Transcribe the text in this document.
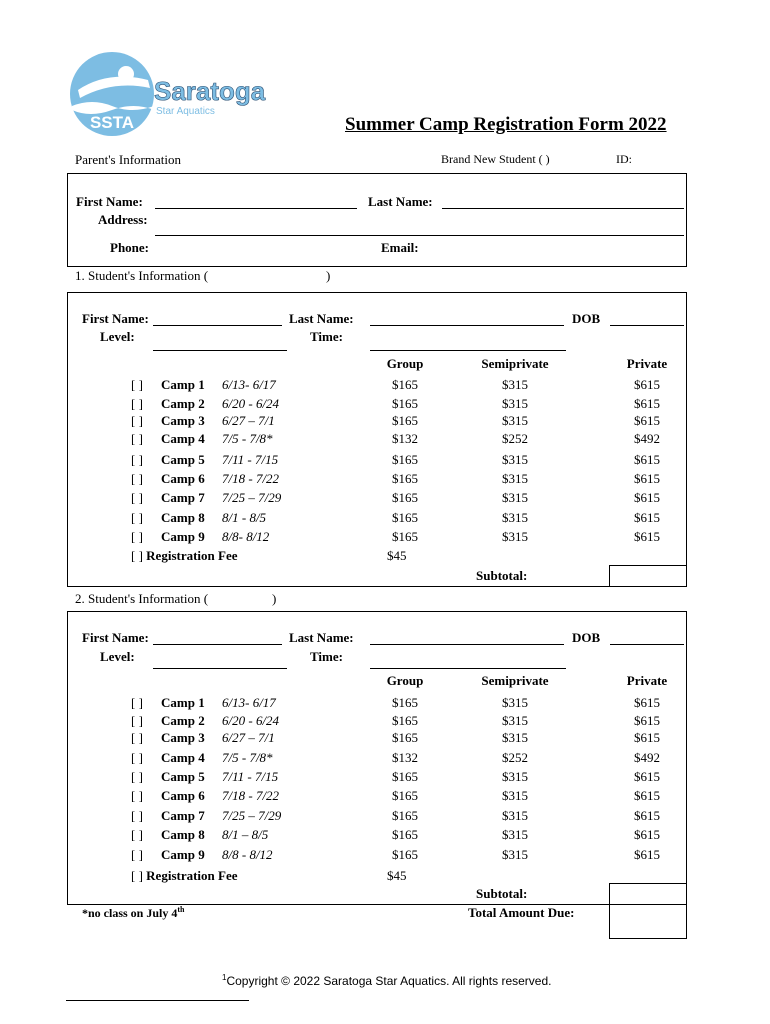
SSTA
Saratoga
Star Aquatics
Summer Camp Registration Form 2022
Parent's Information	Brand New Student ( )	ID:
First Name:	Last Name:
Address:
Phone:	Email:
1. Student's Information (	)
First Name:	Last Name:	DOB
Level:	Time:
Group	Semiprivate	Private
[ ] Camp 1 6/13- 6/17	$165	$315	$615
[ ] Camp 2 6/20 - 6/24	$165	$315	$615
[ ] Camp 3 6/27 – 7/1	$165	$315	$615
[ ] Camp 4 7/5 - 7/8*	$132	$252	$492
[ ] Camp 5 7/11 - 7/15	$165	$315	$615
[ ] Camp 6 7/18 - 7/22	$165	$315	$615
[ ] Camp 7 7/25 – 7/29	$165	$315	$615
[ ] Camp 8 8/1 - 8/5	$165	$315	$615
[ ] Camp 9 8/8- 8/12	$165	$315	$615
[ ] Registration Fee	$45
Subtotal:
2. Student's Information (	)
First Name:	Last Name:	DOB
Level:	Time:
Group	Semiprivate	Private
[ ] Camp 1 6/13- 6/17	$165	$315	$615
[ ] Camp 2 6/20 - 6/24	$165	$315	$615
[ ] Camp 3 6/27 – 7/1	$165	$315	$615
[ ] Camp 4 7/5 - 7/8*	$132	$252	$492
[ ] Camp 5 7/11 - 7/15	$165	$315	$615
[ ] Camp 6 7/18 - 7/22	$165	$315	$615
[ ] Camp 7 7/25 – 7/29	$165	$315	$615
[ ] Camp 8 8/1 – 8/5	$165	$315	$615
[ ] Camp 9 8/8 - 8/12	$165	$315	$615
[ ] Registration Fee	$45
Subtotal:
Total Amount Due:
*no class on July 4th
$^1$Copyright © 2022 Saratoga Star Aquatics. All rights reserved.
